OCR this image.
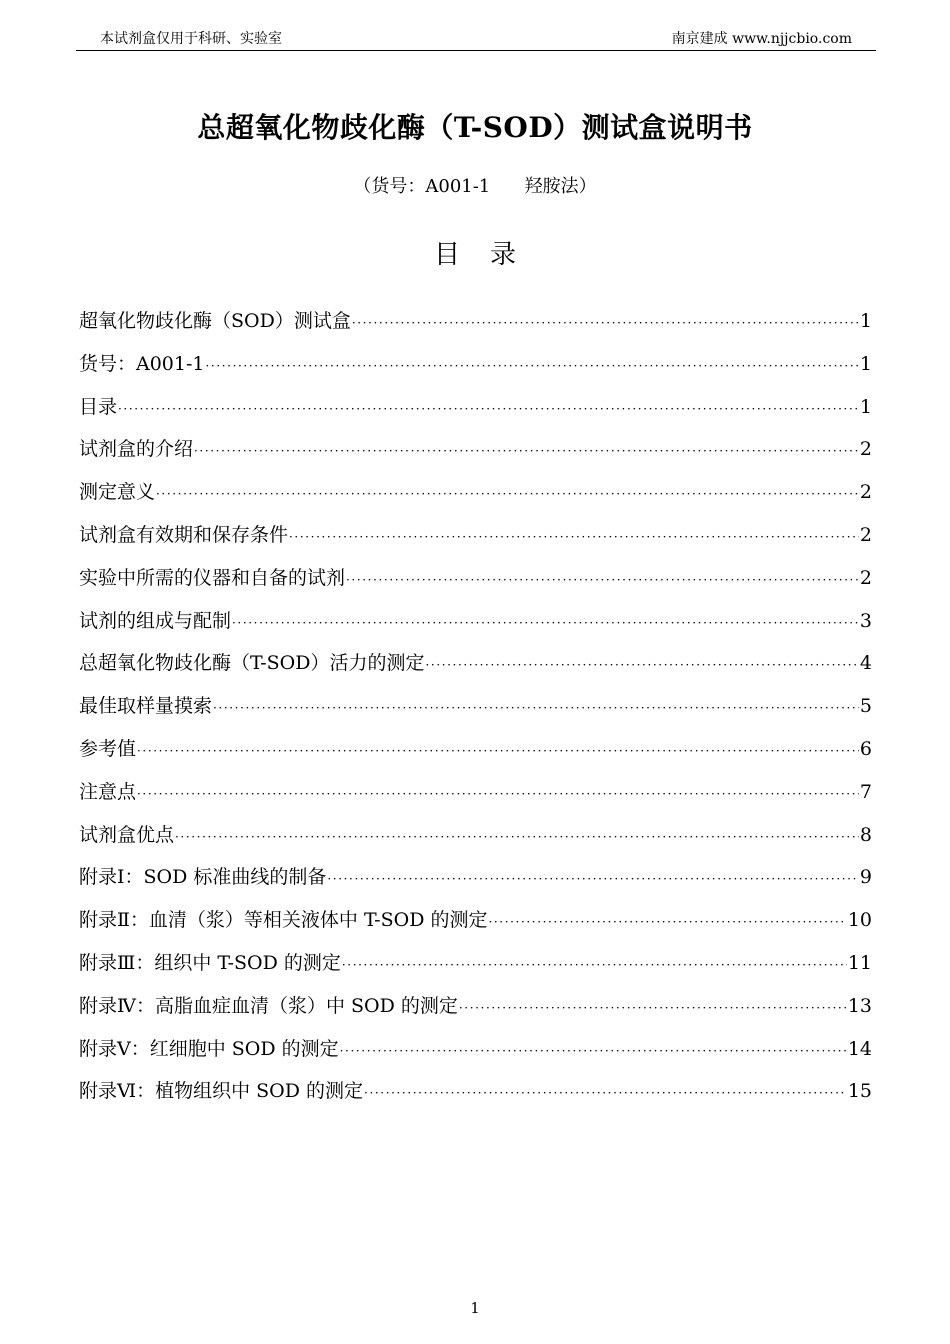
本试剂盒仅用于科研、实验室	南京建成 www.njjcbio.com
总超氧化物歧化酶（T-SOD）测试盒说明书
（货号：A001-1      羟胺法）
目录
超氧化物歧化酶（SOD）测试盒 ·····	1
货号：A001-1 ·····	1
目录 ·····	1
试剂盒的介绍 ·····	2
测定意义 ·····	2
试剂盒有效期和保存条件 ·····	2
实验中所需的仪器和自备的试剂 ·····	2
试剂的组成与配制 ·····	3
总超氧化物歧化酶（T-SOD）活力的测定 ·····	4
最佳取样量摸索 ·····	5
参考值 ·····	6
注意点 ·····	7
试剂盒优点 ·····	8
附录Ⅰ：SOD 标准曲线的制备 ·····	9
附录Ⅱ：血清（浆）等相关液体中 T-SOD 的测定 ·····	10
附录Ⅲ：组织中 T-SOD 的测定 ·····	11
附录Ⅳ：高脂血症血清（浆）中 SOD 的测定 ·····	13
附录Ⅴ：红细胞中 SOD 的测定 ·····	14
附录Ⅵ：植物组织中 SOD 的测定 ·····	15
1
